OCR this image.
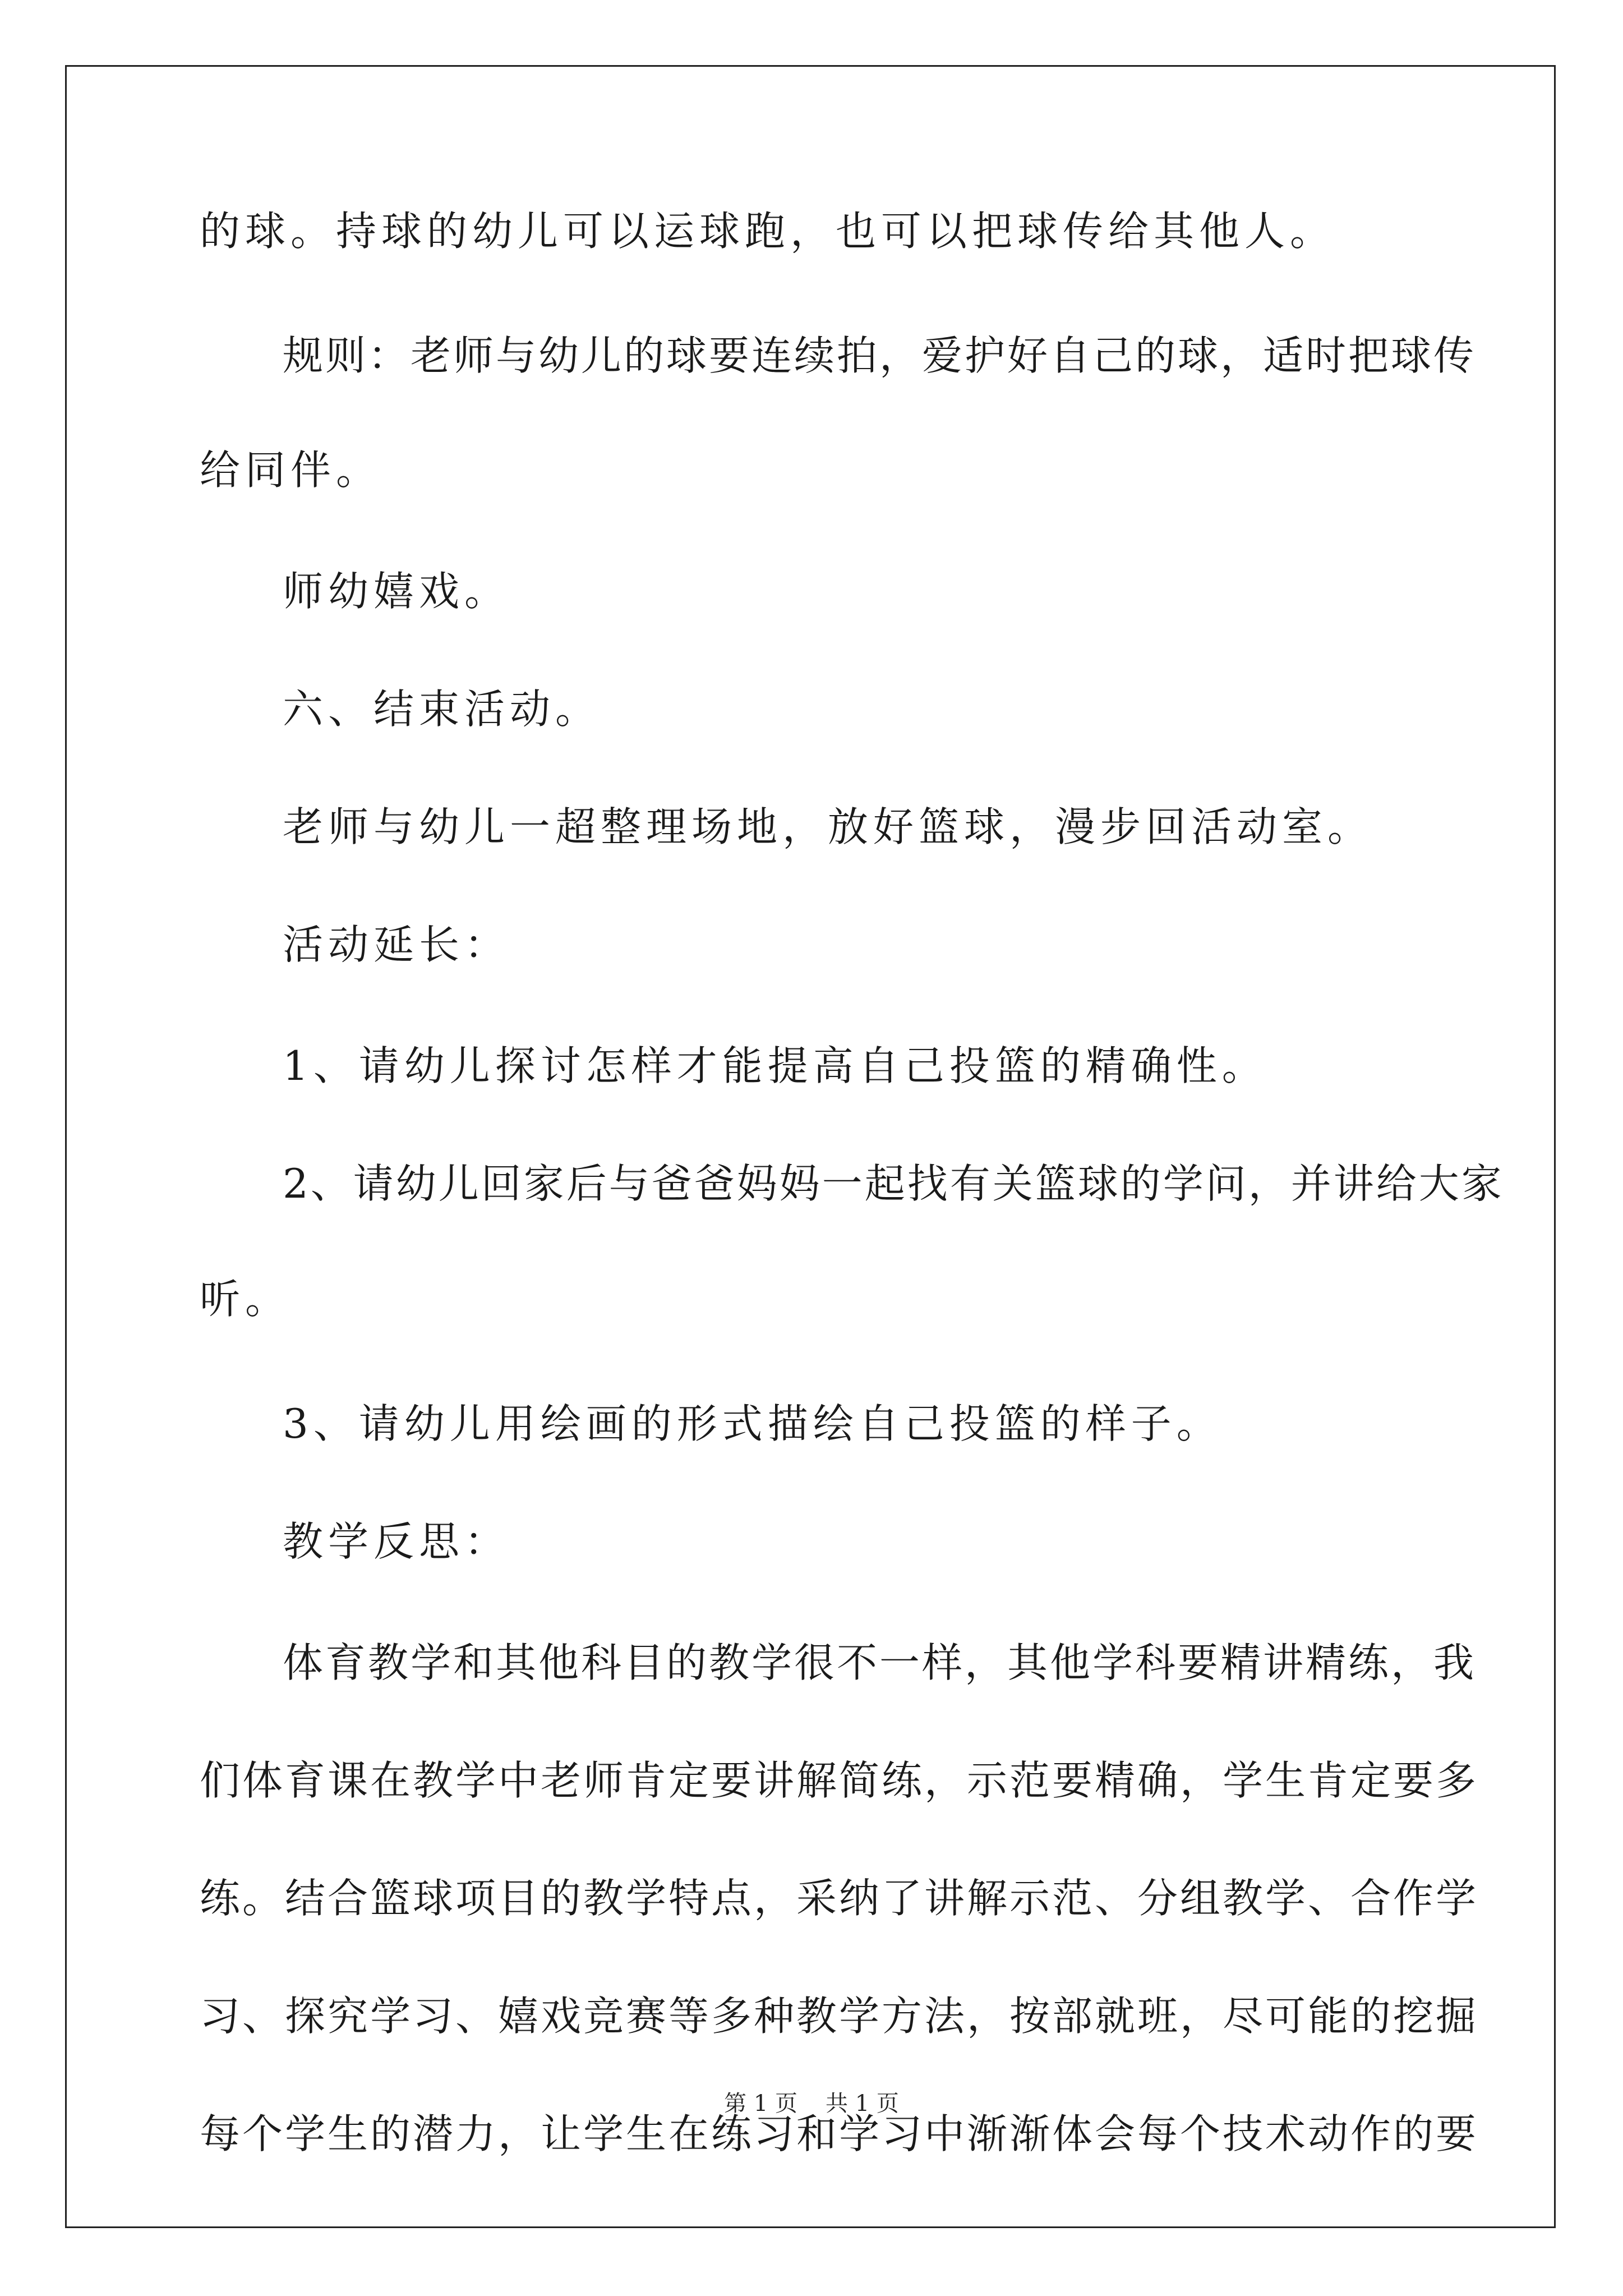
的球。持球的幼儿可以运球跑，也可以把球传给其他人。
规则：老师与幼儿的球要连续拍，爱护好自己的球，适时把球传
给同伴。
师幼嬉戏。
六、结束活动。
老师与幼儿一超整理场地，放好篮球，漫步回活动室。
活动延长：
1、请幼儿探讨怎样才能提高自己投篮的精确性。
2、请幼儿回家后与爸爸妈妈一起找有关篮球的学问，并讲给大家
听。
3、请幼儿用绘画的形式描绘自己投篮的样子。
教学反思：
体育教学和其他科目的教学很不一样，其他学科要精讲精练，我
们体育课在教学中老师肯定要讲解简练，示范要精确，学生肯定要多
练。结合篮球项目的教学特点，采纳了讲解示范、分组教学、合作学
习、探究学习、嬉戏竞赛等多种教学方法，按部就班，尽可能的挖掘
每个学生的潜力，让学生在练习和学习中渐渐体会每个技术动作的要
第 1 页 共 1 页
